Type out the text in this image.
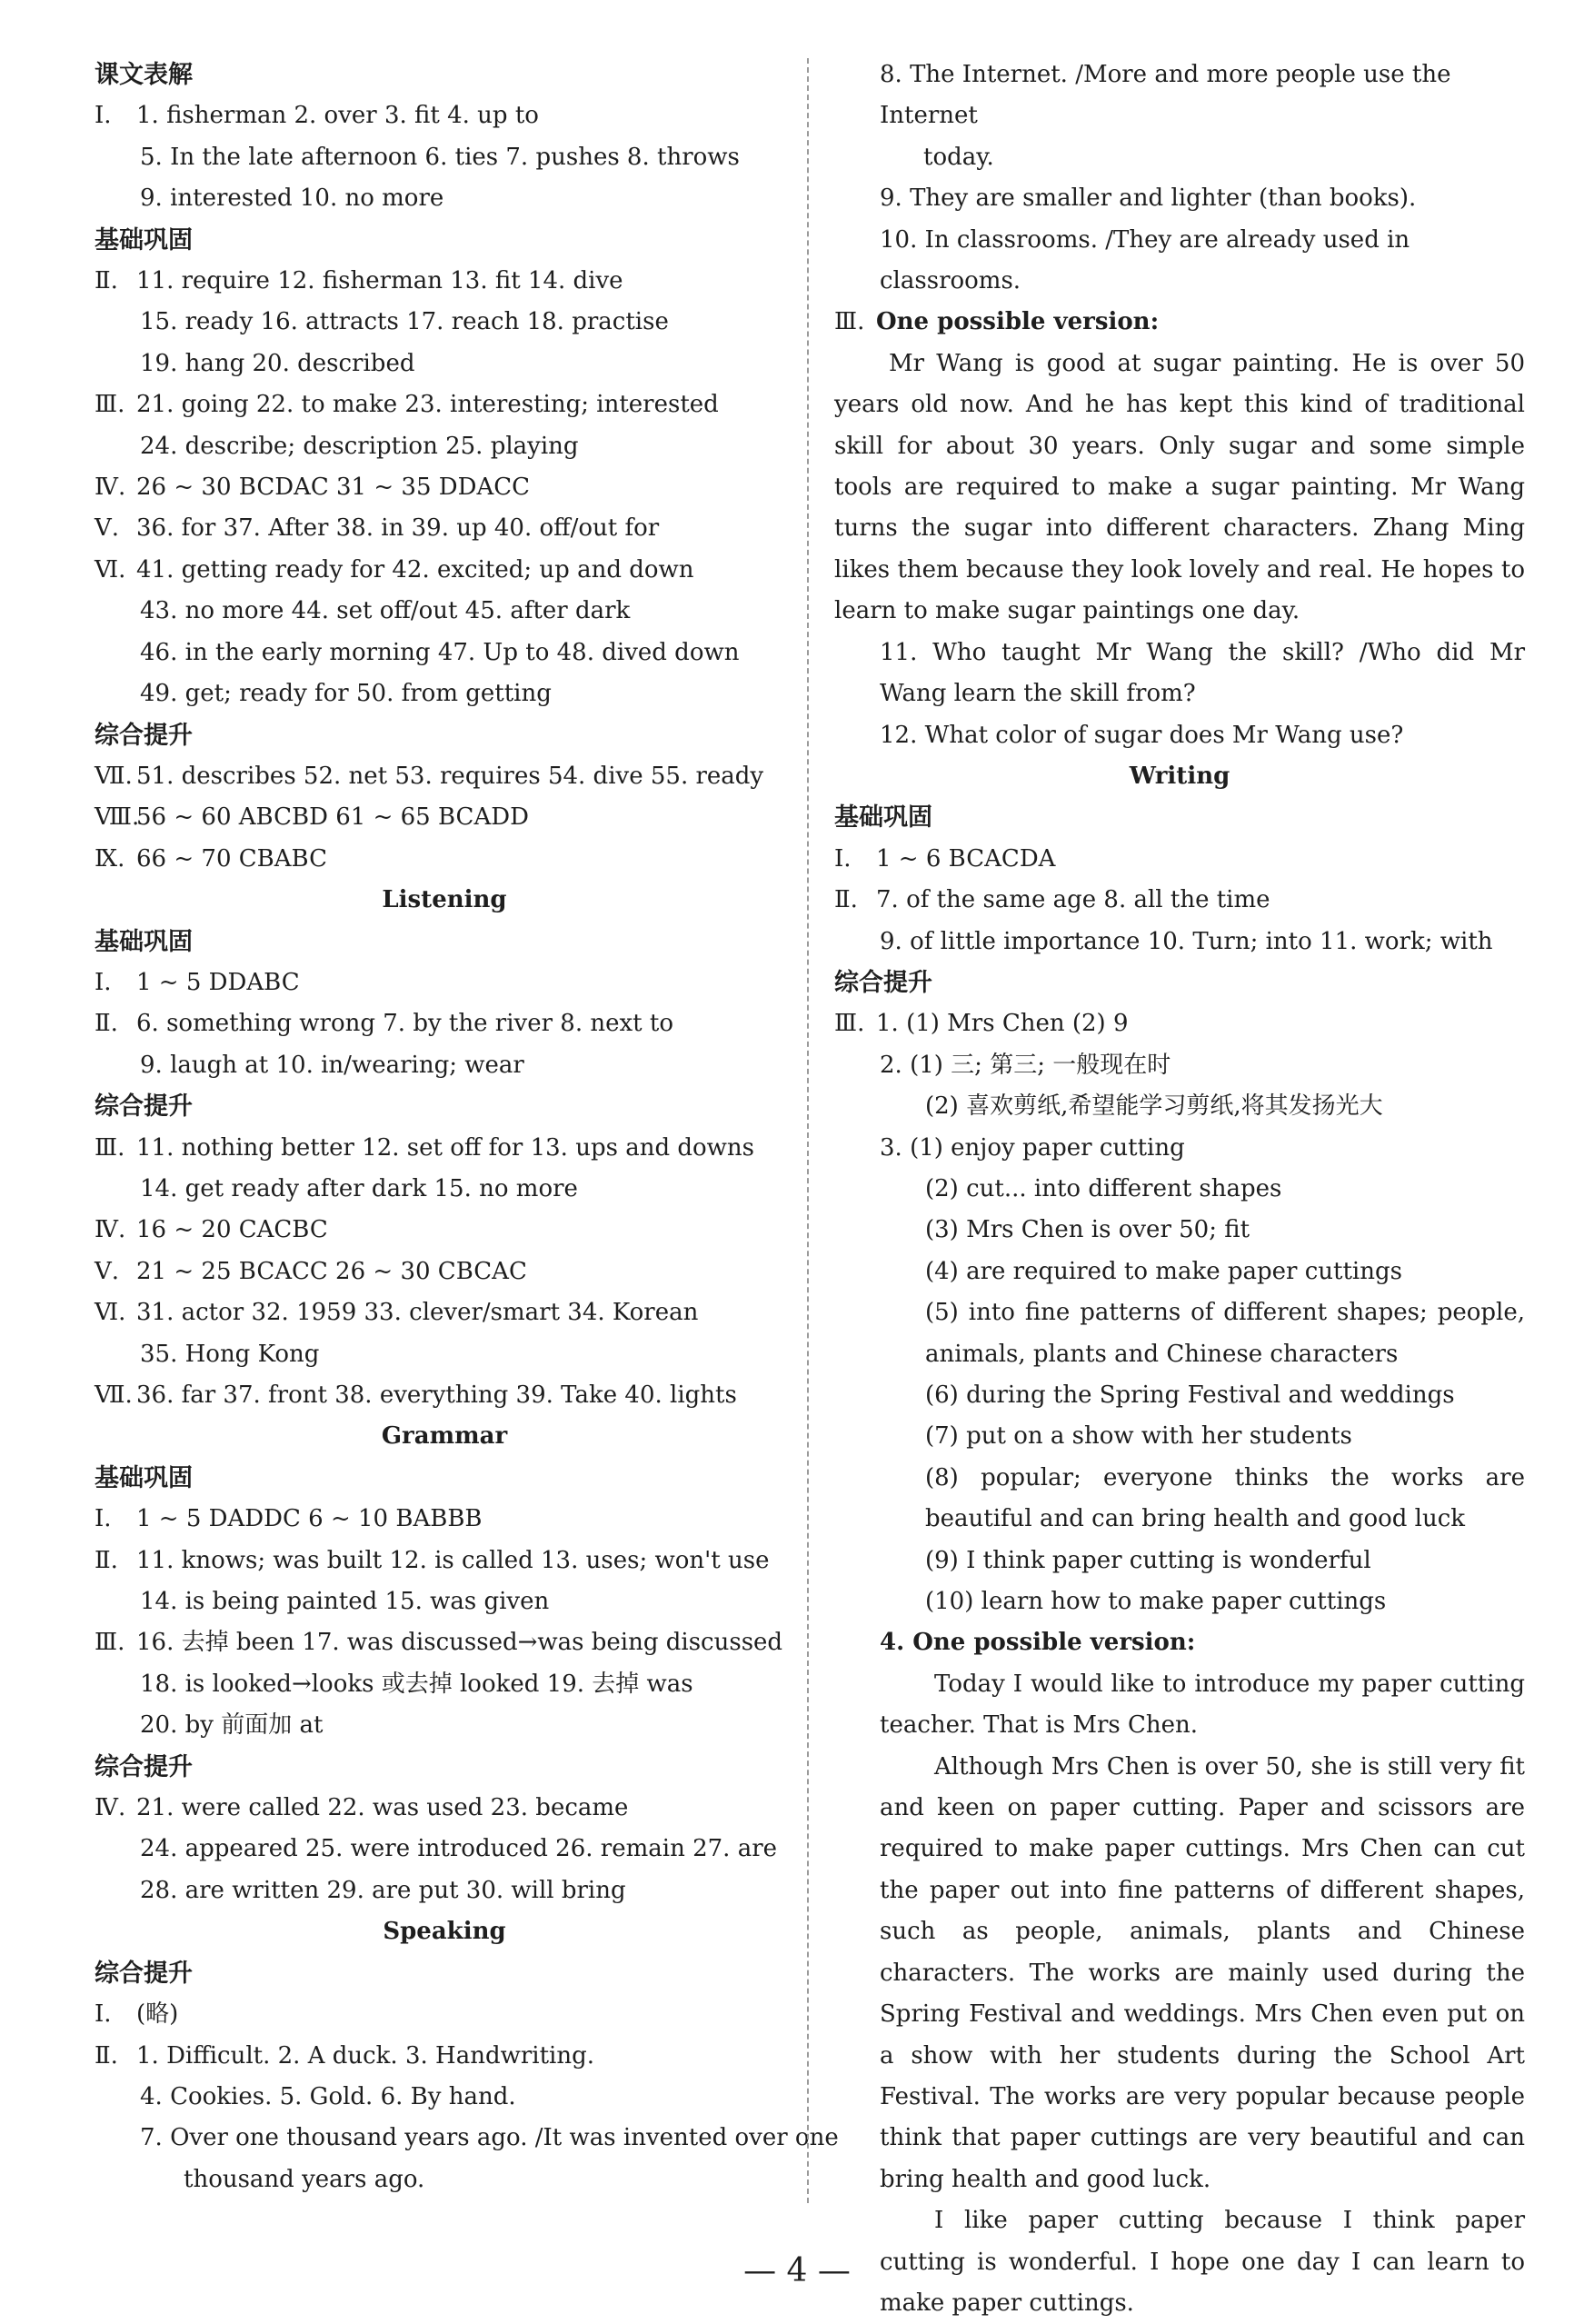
课文表解
Ⅰ.	1. fisherman 2. over 3. fit 4. up to
5. In the late afternoon 6. ties 7. pushes 8. throws
9. interested 10. no more
基础巩固
Ⅱ. 11. require 12. fisherman 13. fit 14. dive
15. ready 16. attracts 17. reach 18. practise
19. hang 20. described
Ⅲ. 21. going 22. to make 23. interesting; interested
24. describe; description 25. playing
Ⅳ. 26 ~ 30 BCDAC 31 ~ 35 DDACC
Ⅴ. 36. for 37. After 38. in 39. up 40. off/out for
Ⅵ. 41. getting ready for 42. excited; up and down
43. no more 44. set off/out 45. after dark
46. in the early morning 47. Up to 48. dived down
49. get; ready for 50. from getting
综合提升
Ⅶ. 51. describes 52. net 53. requires 54. dive 55. ready
Ⅷ.
56 ~ 60 ABCBD 61 ~ 65 BCADD
Ⅸ. 66 ~ 70 CBABC
Listening
基础巩固
Ⅰ.	1 ~ 5 DDABC
Ⅱ. 6. something wrong 7. by the river 8. next to
9. laugh at 10. in/wearing; wear
综合提升
Ⅲ. 11. nothing better 12. set off for 13. ups and downs
14. get ready after dark 15. no more
Ⅳ. 16 ~ 20 CACBC
Ⅴ. 21 ~ 25 BCACC 26 ~ 30 CBCAC
Ⅵ. 31. actor 32. 1959 33. clever/smart 34. Korean
35. Hong Kong
Ⅶ. 36. far 37. front 38. everything 39. Take 40. lights
Grammar
基础巩固
Ⅰ.	1 ~ 5 DADDC 6 ~ 10 BABBB
Ⅱ. 11. knows; was built 12. is called 13. uses; won't use
14. is being painted 15. was given
Ⅲ. 16. 去掉 been 17. was discussed→was being discussed
18. is looked→looks 或去掉 looked 19. 去掉 was
20. by 前面加 at
综合提升
Ⅳ. 21. were called 22. was used 23. became
24. appeared 25. were introduced 26. remain 27. are
28. are written 29. are put 30. will bring
Speaking
综合提升
Ⅰ.	(略)
Ⅱ. 1. Difficult. 2. A duck. 3. Handwriting.
4. Cookies. 5. Gold. 6. By hand.
7. Over one thousand years ago. /It was invented over one
thousand years ago.
8. The Internet. /More and more people use the Internet
today.
9. They are smaller and lighter (than books).
10. In classrooms. /They are already used in classrooms.
Ⅲ. One possible version:
Mr Wang is good at sugar painting. He is over 50 years old now. And he has kept this kind of traditional skill for about 30 years. Only sugar and some simple tools are required to make a sugar painting. Mr Wang turns the sugar into different characters. Zhang Ming likes them because they look lovely and real. He hopes to learn to make sugar paintings one day.
11. Who taught Mr Wang the skill? /Who did Mr Wang learn the skill from?
12. What color of sugar does Mr Wang use?
Writing
基础巩固
Ⅰ.	1 ~ 6 BCACDA
Ⅱ. 7. of the same age 8. all the time
9. of little importance 10. Turn; into 11. work; with
综合提升
Ⅲ. 1. (1) Mrs Chen (2) 9
2. (1) 三; 第三; 一般现在时
(2) 喜欢剪纸,希望能学习剪纸,将其发扬光大
3. (1) enjoy paper cutting
(2) cut... into different shapes
(3) Mrs Chen is over 50; fit
(4) are required to make paper cuttings
(5) into fine patterns of different shapes; people, animals, plants and Chinese characters
(6) during the Spring Festival and weddings
(7) put on a show with her students
(8) popular; everyone thinks the works are beautiful and can bring health and good luck
(9) I think paper cutting is wonderful
(10) learn how to make paper cuttings
4. One possible version:
Today I would like to introduce my paper cutting teacher. That is Mrs Chen.
Although Mrs Chen is over 50, she is still very fit and keen on paper cutting. Paper and scissors are required to make paper cuttings. Mrs Chen can cut the paper out into fine patterns of different shapes, such as people, animals, plants and Chinese characters. The works are mainly used during the Spring Festival and weddings. Mrs Chen even put on a show with her students during the School Art Festival. The works are very popular because people think that paper cuttings are very beautiful and can bring health and good luck.
I like paper cutting because I think paper cutting is wonderful. I hope one day I can learn to make paper cuttings.
— 4 —
